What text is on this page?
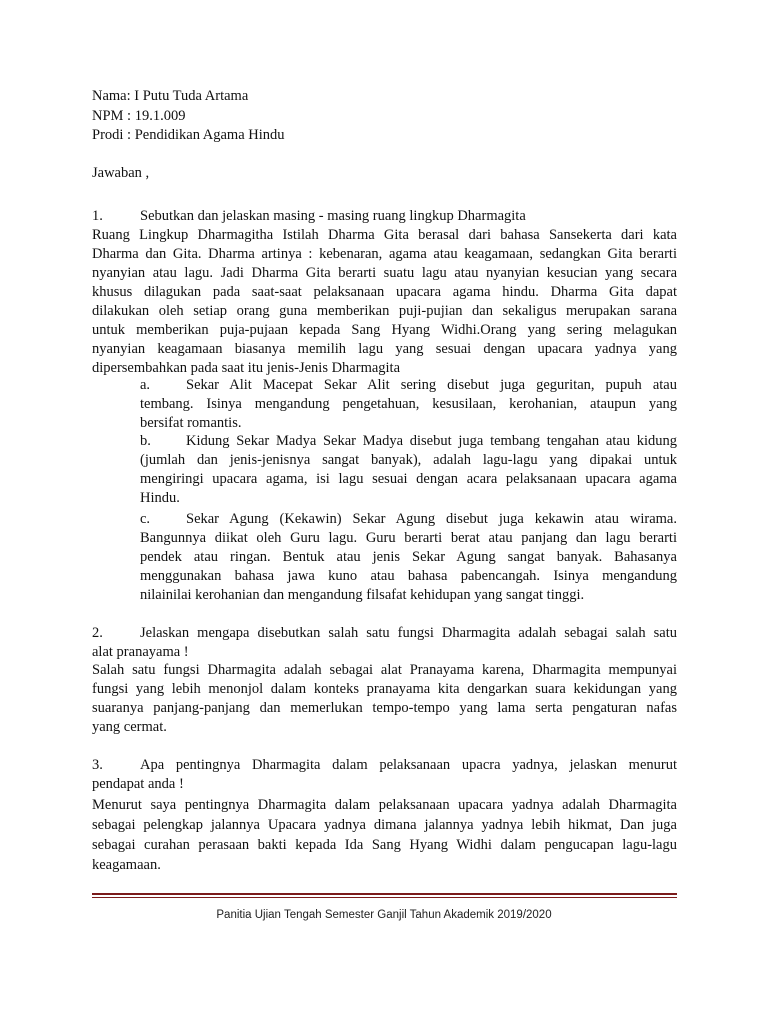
Nama: I Putu Tuda Artama
NPM : 19.1.009
Prodi : Pendidikan Agama Hindu
Jawaban ,
1.	Sebutkan dan jelaskan masing - masing ruang lingkup Dharmagita
Ruang Lingkup Dharmagitha Istilah Dharma Gita berasal dari bahasa Sansekerta dari kata
Dharma dan Gita. Dharma artinya : kebenaran, agama atau keagamaan, sedangkan Gita berarti
nyanyian atau lagu. Jadi Dharma Gita berarti suatu lagu atau nyanyian kesucian yang secara
khusus dilagukan pada saat-saat pelaksanaan upacara agama hindu. Dharma Gita dapat
dilakukan oleh setiap orang guna memberikan puji-pujian dan sekaligus merupakan sarana
untuk memberikan puja-pujaan kepada Sang Hyang Widhi.Orang yang sering melagukan
nyanyian keagamaan biasanya memilih lagu yang sesuai dengan upacara yadnya yang
dipersembahkan pada saat itu jenis-Jenis Dharmagita
a. Sekar Alit Macepat Sekar Alit sering disebut juga geguritan, pupuh atau
tembang. Isinya mengandung pengetahuan, kesusilaan, kerohanian, ataupun yang
bersifat romantis.
b. Kidung Sekar Madya Sekar Madya disebut juga tembang tengahan atau kidung
(jumlah dan jenis-jenisnya sangat banyak), adalah lagu-lagu yang dipakai untuk
mengiringi upacara agama, isi lagu sesuai dengan acara pelaksanaan upacara agama
Hindu.
c. Sekar Agung (Kekawin) Sekar Agung disebut juga kekawin atau wirama.
Bangunnya diikat oleh Guru lagu. Guru berarti berat atau panjang dan lagu berarti
pendek atau ringan. Bentuk atau jenis Sekar Agung sangat banyak. Bahasanya
menggunakan bahasa jawa kuno atau bahasa pabencangah. Isinya mengandung
nilainilai kerohanian dan mengandung filsafat kehidupan yang sangat tinggi.
2.	Jelaskan mengapa disebutkan salah satu fungsi Dharmagita adalah sebagai salah satu
alat pranayama !
Salah satu fungsi Dharmagita adalah sebagai alat Pranayama karena, Dharmagita mempunyai
fungsi yang lebih menonjol dalam konteks pranayama kita dengarkan suara kekidungan yang
suaranya panjang-panjang dan memerlukan tempo-tempo yang lama serta pengaturan nafas
yang cermat.
3.	Apa pentingnya Dharmagita dalam pelaksanaan upacra yadnya, jelaskan menurut
pendapat anda !
Menurut saya pentingnya Dharmagita dalam pelaksanaan upacara yadnya adalah Dharmagita
sebagai pelengkap jalannya Upacara yadnya dimana jalannya yadnya lebih hikmat, Dan juga
sebagai curahan perasaan bakti kepada Ida Sang Hyang Widhi dalam pengucapan lagu-lagu
keagamaan.
Panitia Ujian Tengah Semester Ganjil Tahun Akademik 2019/2020
